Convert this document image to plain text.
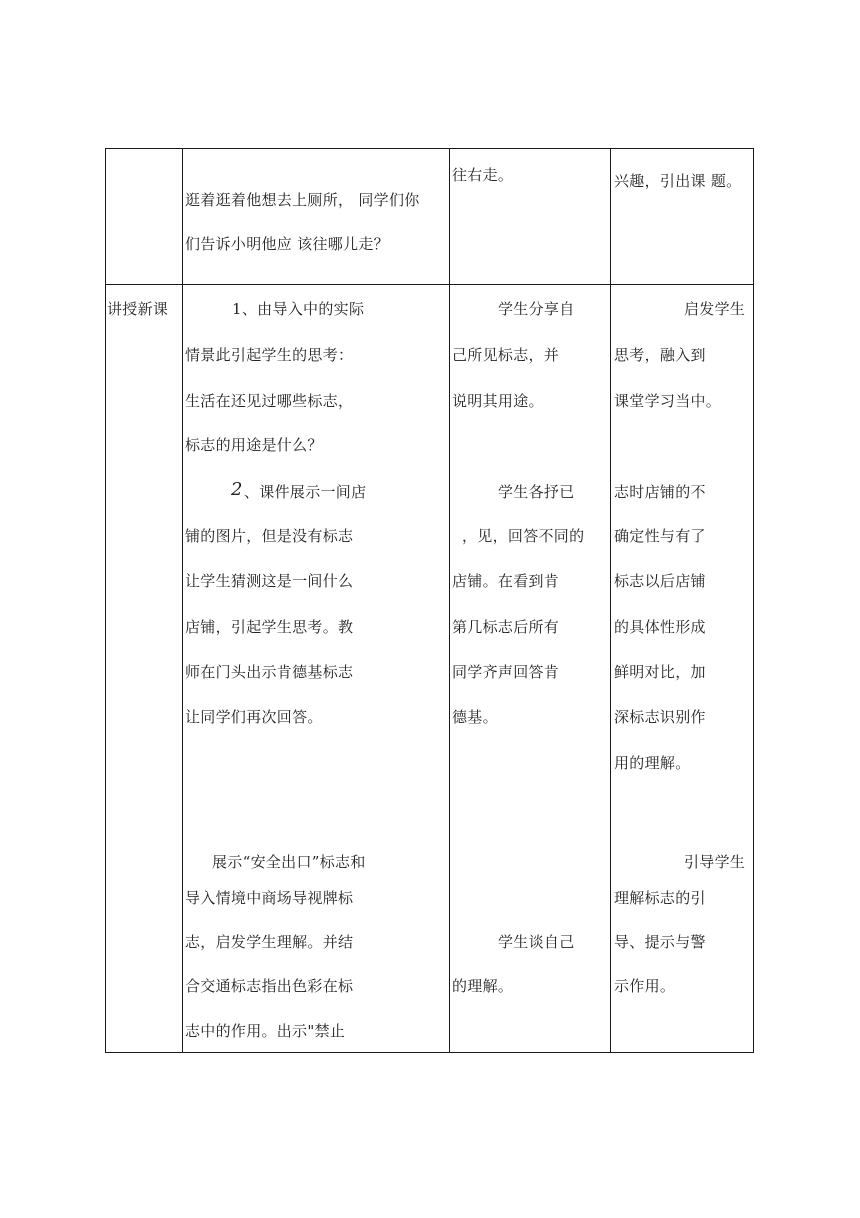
逛着逛着他想去上厕所， 同学们你
们告诉小明他应 该往哪儿走？
往右走。	兴趣，引出课 题。
讲授新课	1、由导入中的实际
情景此引起学生的思考：
生活在还见过哪些标志，
标志的用途是什么？
2 、课件展示一间店
铺的图片，但是没有标志
让学生猜测这是一间什么
店铺，引起学生思考。教
师在门头出示肯德基标志
让同学们再次回答。
展示“安全出口”标志和
导入情境中商场导视牌标
志，启发学生理解。并结
合交通标志指出色彩在标
志中的作用。出示"禁止
学生分享自
己所见标志，并
说明其用途。
学生各抒已
，见，回答不同的
店铺。在看到肯
第几标志后所有
同学齐声回答肯
德基。
学生谈自己
的理解。
启发学生
思考，融入到
课堂学习当中。
志时店铺的不
确定性与有了
标志以后店铺
的具体性形成
鲜明对比，加
深标志识别作
用的理解。
引导学生
理解标志的引
导、提示与警
示作用。
